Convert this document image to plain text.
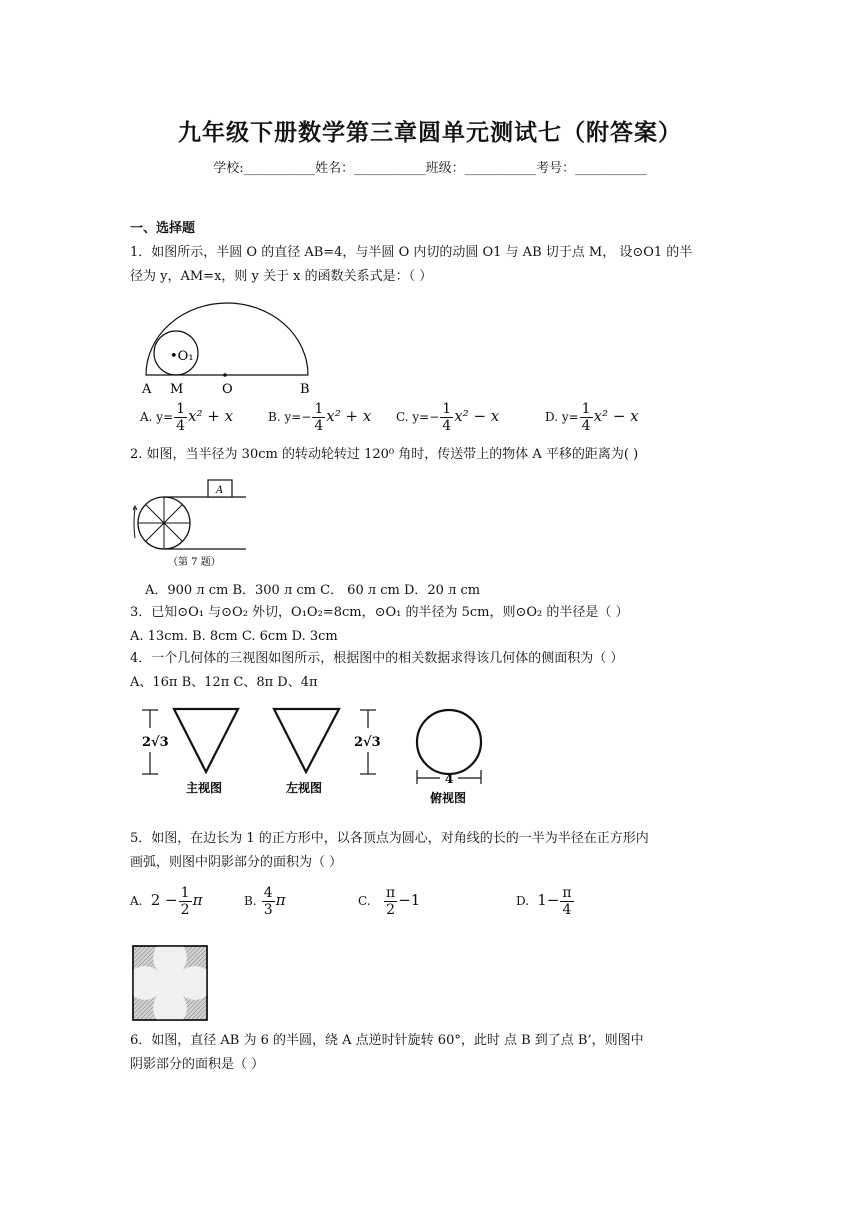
九年级下册数学第三章圆单元测试七（附答案）
学校:___________姓名：___________班级：___________考号：___________
一、选择题
1．如图所示，半圆 O 的直径 AB=4，与半圆 O 内切的动圆 O1 与 AB 切于点 M， 设⊙O1 的半
径为 y，AM=x，则 y 关于 x 的函数关系式是：（ ）
•O₁
A M	O	B
A. $y= \frac{1}{4} x^2 + x$	B. $y=- \frac{1}{4} x^2 + x$ C. $y=- \frac{1}{4} x^2 - x$	D. $y= \frac{1}{4} x^2 - x$
2. 如图，当半径为 30cm 的转动轮转过 120⁰ 角时，传送带上的物体 A 平移的距离为( )
A
（第 7 题）
A．900 л cm B．300 л cm C． 60 л cm D．20 л cm
3．已知⊙O₁ 与⊙O₂ 外切，O₁O₂=8cm，⊙O₁ 的半径为 5cm，则⊙O₂ 的半径是（ ）
A. 13cm. B. 8cm C. 6cm D. 3cm
4．一个几何体的三视图如图所示，根据图中的相关数据求得该几何体的侧面积为（ ）
A、16π B、12π C、8π D、4π
2√3
主视图	左视图
2√3
4
俯视图
5．如图，在边长为 1 的正方形中，以各顶点为圆心，对角线的长的一半为半径在正方形内
画弧，则图中阴影部分的面积为（ ）
A. $2 - \frac{1}{2}$ π	B. $\frac{4}{3}$ π	C. $\frac{\pi}{2} -1$	D. $1- \frac{\pi}{4}$
6．如图，直径 AB 为 6 的半圆，绕 A 点逆时针旋转 60°，此时 点 B 到了点 B’，则图中
阴影部分的面积是（ ）
